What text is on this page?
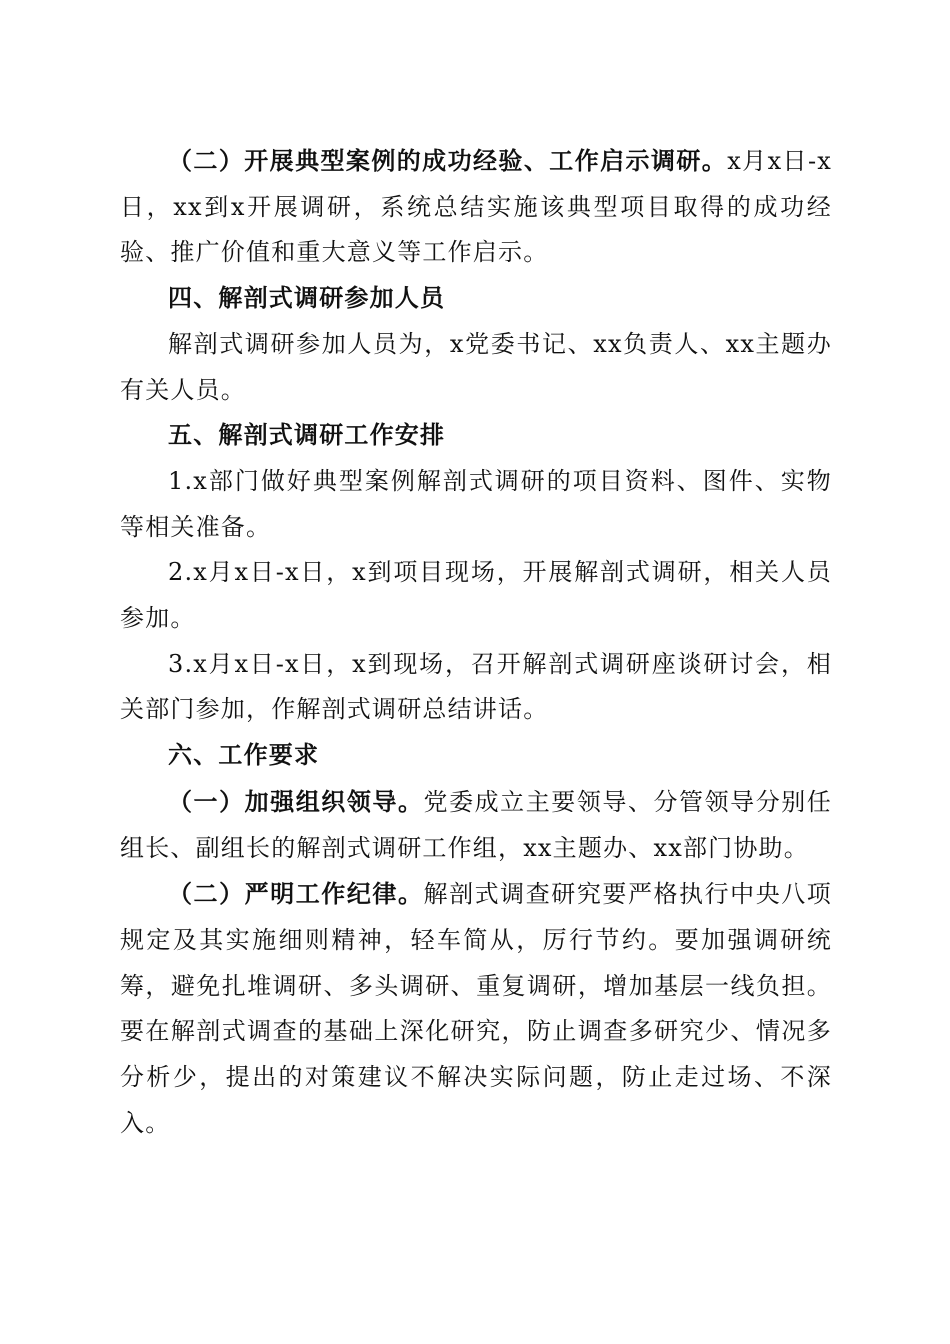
（二）开展典型案例的成功经验、工作启示调研。x月x日-x日，xx到x开展调研，系统总结实施该典型项目取得的成功经验、推广价值和重大意义等工作启示。

四、解剖式调研参加人员

解剖式调研参加人员为，x党委书记、xx负责人、xx主题办有关人员。

五、解剖式调研工作安排

1.x部门做好典型案例解剖式调研的项目资料、图件、实物等相关准备。

2.x月x日-x日，x到项目现场，开展解剖式调研，相关人员参加。

3.x月x日-x日，x到现场，召开解剖式调研座谈研讨会，相关部门参加，作解剖式调研总结讲话。

六、工作要求

（一）加强组织领导。党委成立主要领导、分管领导分别任组长、副组长的解剖式调研工作组，xx主题办、xx部门协助。

（二）严明工作纪律。解剖式调查研究要严格执行中央八项规定及其实施细则精神，轻车简从，厉行节约。要加强调研统筹，避免扎堆调研、多头调研、重复调研，增加基层一线负担。要在解剖式调查的基础上深化研究，防止调查多研究少、情况多分析少，提出的对策建议不解决实际问题，防止走过场、不深入。
